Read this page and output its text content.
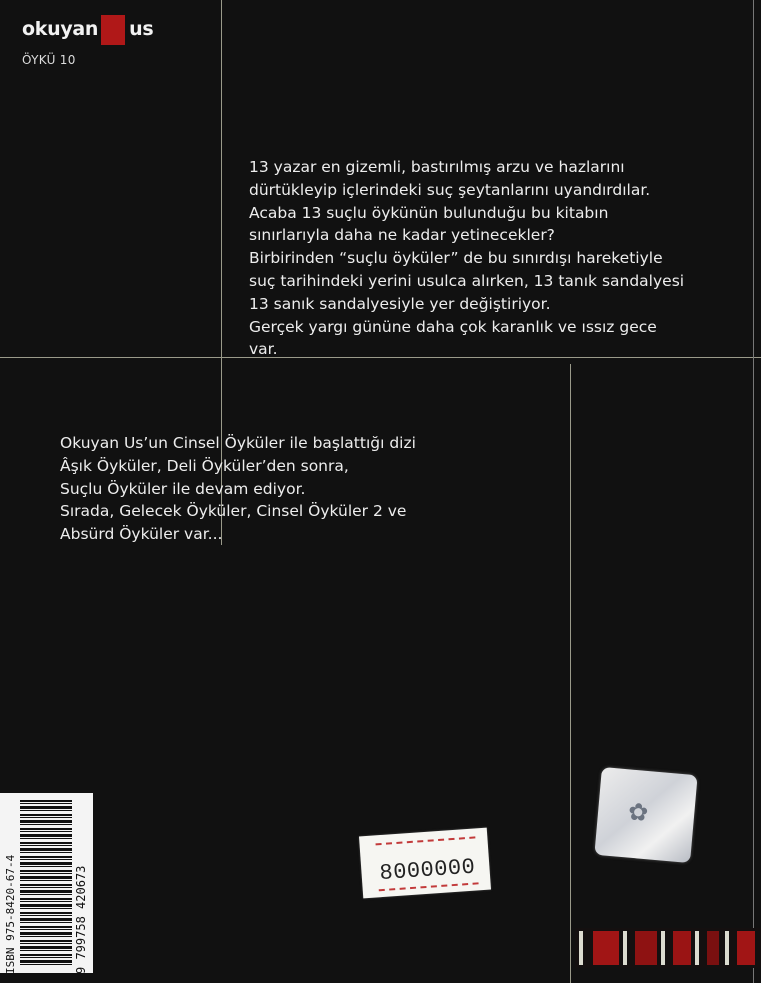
okuyan us
ÖYKÜ 10

13 yazar en gizemli, bastırılmış arzu ve hazlarını

dürtükleyip içlerindeki suç şeytanlarını uyandırdılar.

Acaba 13 suçlu öykünün bulunduğu bu kitabın

sınırlarıyla daha ne kadar yetinecekler?

Birbirinden “suçlu öyküler” de bu sınırdışı hareketiyle

suç tarihindeki yerini usulca alırken, 13 tanık sandalyesi

13 sanık sandalyesiyle yer değiştiriyor.

Gerçek yargı gününe daha çok karanlık ve ıssız gece

var.

Okuyan Us’un Cinsel Öyküler ile başlattığı dizi

Âşık Öyküler, Deli Öyküler’den sonra,

Suçlu Öyküler ile devam ediyor.

Sırada, Gelecek Öyküler, Cinsel Öyküler 2 ve

Absürd Öyküler var...

ISBN 975-8420-67-4	9 799758 420673	8000000
✿
